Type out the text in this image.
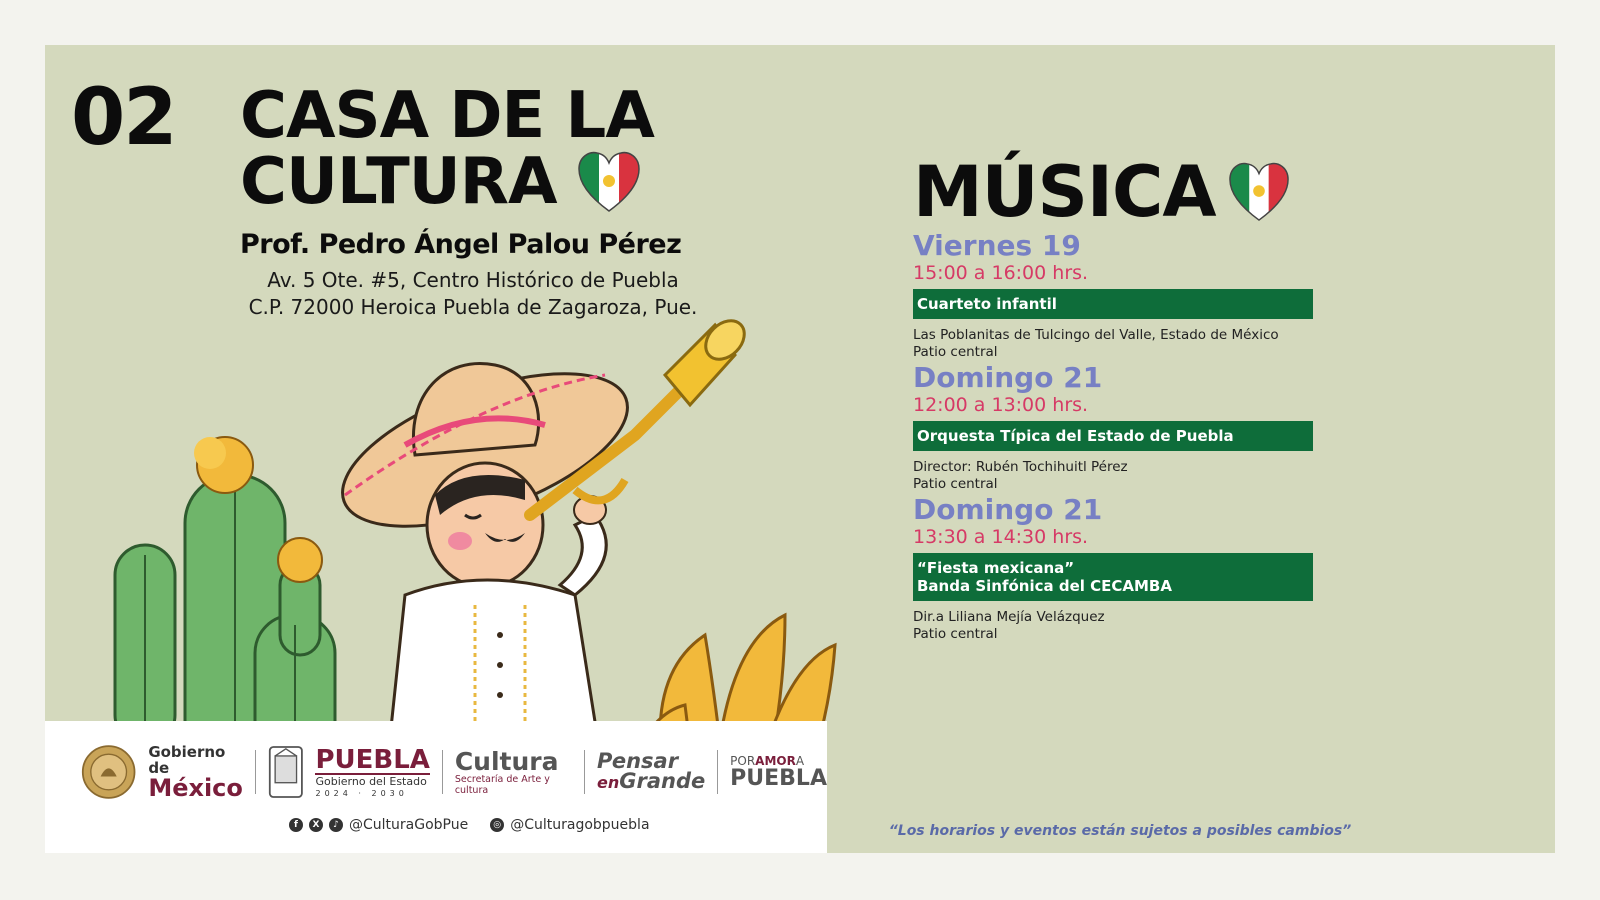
02 CASA DE LA
CULTURA
Prof. Pedro Ángel Palou Pérez
Av. 5 Ote. #5, Centro Histórico de Puebla
C.P. 72000 Heroica Puebla de Zagaroza, Pue.
MÚSICA
Viernes 19
15:00 a 16:00 hrs.
Cuarteto infantil
Las Poblanitas de Tulcingo del Valle, Estado de México
Patio central
Domingo 21
12:00 a 13:00 hrs.
Orquesta Típica del Estado de Puebla
Director: Rubén Tochihuitl Pérez
Patio central
Domingo 21
13:30 a 14:30 hrs.
“Fiesta mexicana”
Banda Sinfónica del CECAMBA
Dir.a Liliana Mejía Velázquez
Patio central
Gobierno de
México
PUEBLA
Gobierno del Estado
2024 · 2030
Cultura
Secretaría de Arte y cultura
Pensar
enGrande
PORAMORA
PUEBLA
f	X	♪ @CulturaGobPue	◎ @Culturagobpuebla	“Los horarios y eventos están sujetos a posibles cambios”
